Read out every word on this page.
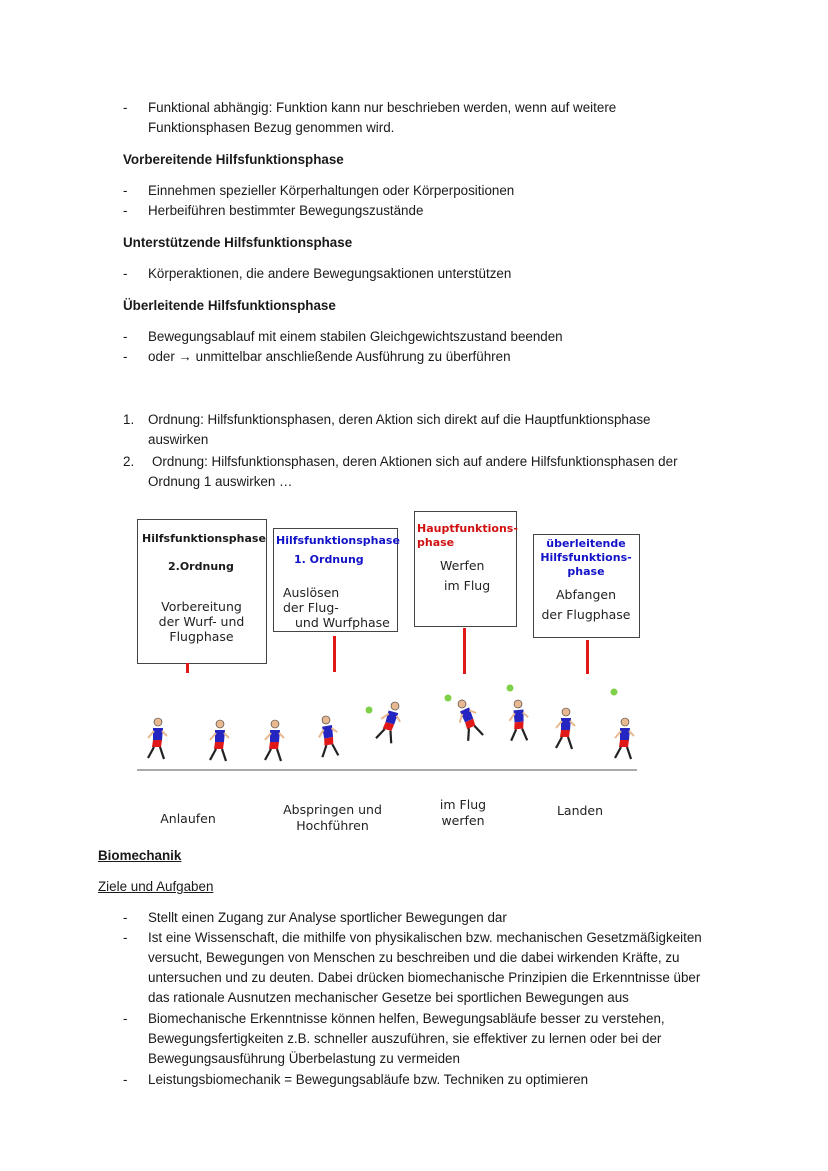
- Funktional abhängig: Funktion kann nur beschrieben werden, wenn auf weitere
Funktionsphasen Bezug genommen wird.
Vorbereitende Hilfsfunktionsphase
- Einnehmen spezieller Körperhaltungen oder Körperpositionen
- Herbeiführen bestimmter Bewegungszustände
Unterstützende Hilfsfunktionsphase
- Körperaktionen, die andere Bewegungsaktionen unterstützen
Überleitende Hilfsfunktionsphase
- Bewegungsablauf mit einem stabilen Gleichgewichtszustand beenden
- oder → unmittelbar anschließende Ausführung zu überführen
1. Ordnung: Hilfsfunktionsphasen, deren Aktion sich direkt auf die Hauptfunktionsphase
auswirken
2. Ordnung: Hilfsfunktionsphasen, deren Aktionen sich auf andere Hilfsfunktionsphasen der
Ordnung 1 auswirken …
Hilfsfunktionsphase
2.Ordnung
Vorbereitung
der Wurf- und
Flugphase
Hilfsfunktionsphase
1. Ordnung
Auslösen
der Flug-
und Wurfphase
Hauptfunktions-
phase
Werfen
im Flug
überleitende
Hilfsfunktions-
phase
Abfangen
der Flugphase
Anlaufen
Abspringen und
Hochführen
im Flug
werfen
Landen
Biomechanik
Ziele und Aufgaben
- Stellt einen Zugang zur Analyse sportlicher Bewegungen dar
- Ist eine Wissenschaft, die mithilfe von physikalischen bzw. mechanischen Gesetzmäßigkeiten
versucht, Bewegungen von Menschen zu beschreiben und die dabei wirkenden Kräfte, zu
untersuchen und zu deuten. Dabei drücken biomechanische Prinzipien die Erkenntnisse über
das rationale Ausnutzen mechanischer Gesetze bei sportlichen Bewegungen aus
- Biomechanische Erkenntnisse können helfen, Bewegungsabläufe besser zu verstehen,
Bewegungsfertigkeiten z.B. schneller auszuführen, sie effektiver zu lernen oder bei der
Bewegungsausführung Überbelastung zu vermeiden
- Leistungsbiomechanik = Bewegungsabläufe bzw. Techniken zu optimieren
